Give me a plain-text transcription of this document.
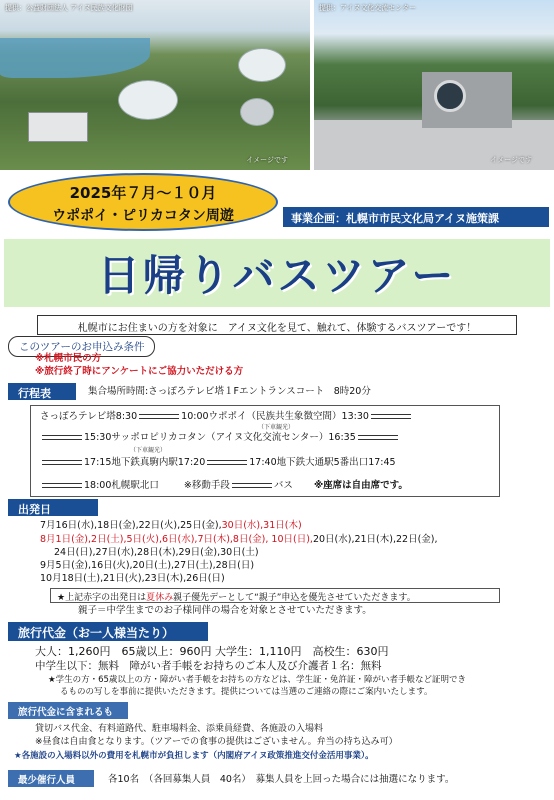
提供：公益財団法人 アイヌ民族文化財団
イメージです
提供：アイヌ文化交流センター
イメージです
2025年７月～１０月
ウポポイ・ピリカコタン周遊	事業企画：札幌市市民文化局アイヌ施策課
日帰りバスツアー
札幌市にお住まいの方を対象に　アイヌ文化を見て、触れて、体験するバスツアーです！
このツアーのお申込み条件
※札幌市民の方
※旅行終了時にアンケートにご協力いただける方
行程表	集合場所時間:さっぽろテレビ塔１Fエントランスコート　8時20分
さっぽろテレビ塔8:30	10:00ウポポイ（民族共生象徴空間）13:30
（下車観光）
15:30サッポロピリカコタン（アイヌ文化交流センター）16:35
（下車観光）
17:15地下鉄真駒内駅17:20	17:40地下鉄大通駅5番出口17:45
18:00札幌駅北口	※移動手段	バス ※座席は自由席です。
出発日
7月16日(水),18日(金),22日(火),25日(金),30日(水),31日(木)
8月1日(金),2日(土),5日(火),6日(水),7日(木),8日(金), 10日(日),20日(水),21日(木),22日(金),
24日(日),27日(水),28日(木),29日(金),30日(土)
9月5日(金),16日(火),20日(土),27日(土),28日(日)
10月18日(土),21日(火),23日(木),26日(日)
★上記赤字の出発日は夏休み親子優先デーとして“親子”申込を優先させていただきます。
親子＝中学生までのお子様同伴の場合を対象とさせていただきます。
旅行代金（お一人様当たり）
大人：1,260円　65歳以上：960円 大学生：1,110円　高校生：630円
中学生以下：無料　障がい者手帳をお持ちのご本人及び介護者１名：無料
★学生の方・65歳以上の方・障がい者手帳をお持ちの方などは、学生証・免許証・障がい者手帳など証明でき
るものの写しを事前に提供いただきます。提供については当選のご連絡の際にご案内いたします。
旅行代金に含まれるもの 貸切バス代金、有料道路代、駐車場料金、添乗員経費、各施設の入場料
※昼食は自由食となります。（ツアーでの食事の提供はございません。弁当の持ち込み可）
★各施設の入場料以外の費用を札幌市が負担します（内閣府アイヌ政策推進交付金活用事業）。
最少催行人員	各10名　（各回募集人員　40名）　募集人員を上回った場合には抽選になります。
